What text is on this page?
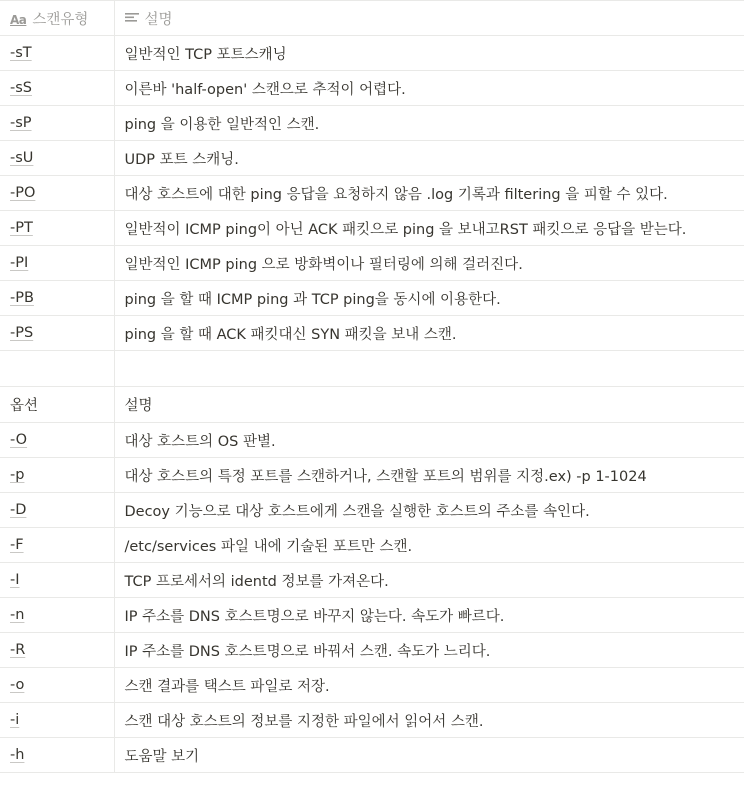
Aa 스캔유형	설명
-sT	일반적인 TCP 포트스캐닝
-sS	이른바 'half-open' 스캔으로 추적이 어렵다.
-sP	ping 을 이용한 일반적인 스캔.
-sU	UDP 포트 스캐닝.
-PO	대상 호스트에 대한 ping 응답을 요청하지 않음 .log 기록과 filtering 을 피할 수 있다.
-PT	일반적이 ICMP ping이 아닌 ACK 패킷으로 ping 을 보내고RST 패킷으로 응답을 받는다.
-PI	일반적인 ICMP ping 으로 방화벽이나 필터링에 의해 걸러진다.
-PB	ping 을 할 때 ICMP ping 과 TCP ping을 동시에 이용한다.
-PS	ping 을 할 때 ACK 패킷대신 SYN 패킷을 보내 스캔.

옵션	설명
-O	대상 호스트의 OS 판별.
-p	대상 호스트의 특정 포트를 스캔하거나, 스캔할 포트의 범위를 지정.ex) -p 1-1024
-D	Decoy 기능으로 대상 호스트에게 스캔을 실행한 호스트의 주소를 속인다.
-F	/etc/services 파일 내에 기술된 포트만 스캔.
-I	TCP 프로세서의 identd 정보를 가져온다.
-n	IP 주소를 DNS 호스트명으로 바꾸지 않는다. 속도가 빠르다.
-R	IP 주소를 DNS 호스트명으로 바꿔서 스캔. 속도가 느리다.
-o	스캔 결과를 택스트 파일로 저장.
-i	스캔 대상 호스트의 정보를 지정한 파일에서 읽어서 스캔.
-h	도움말 보기
